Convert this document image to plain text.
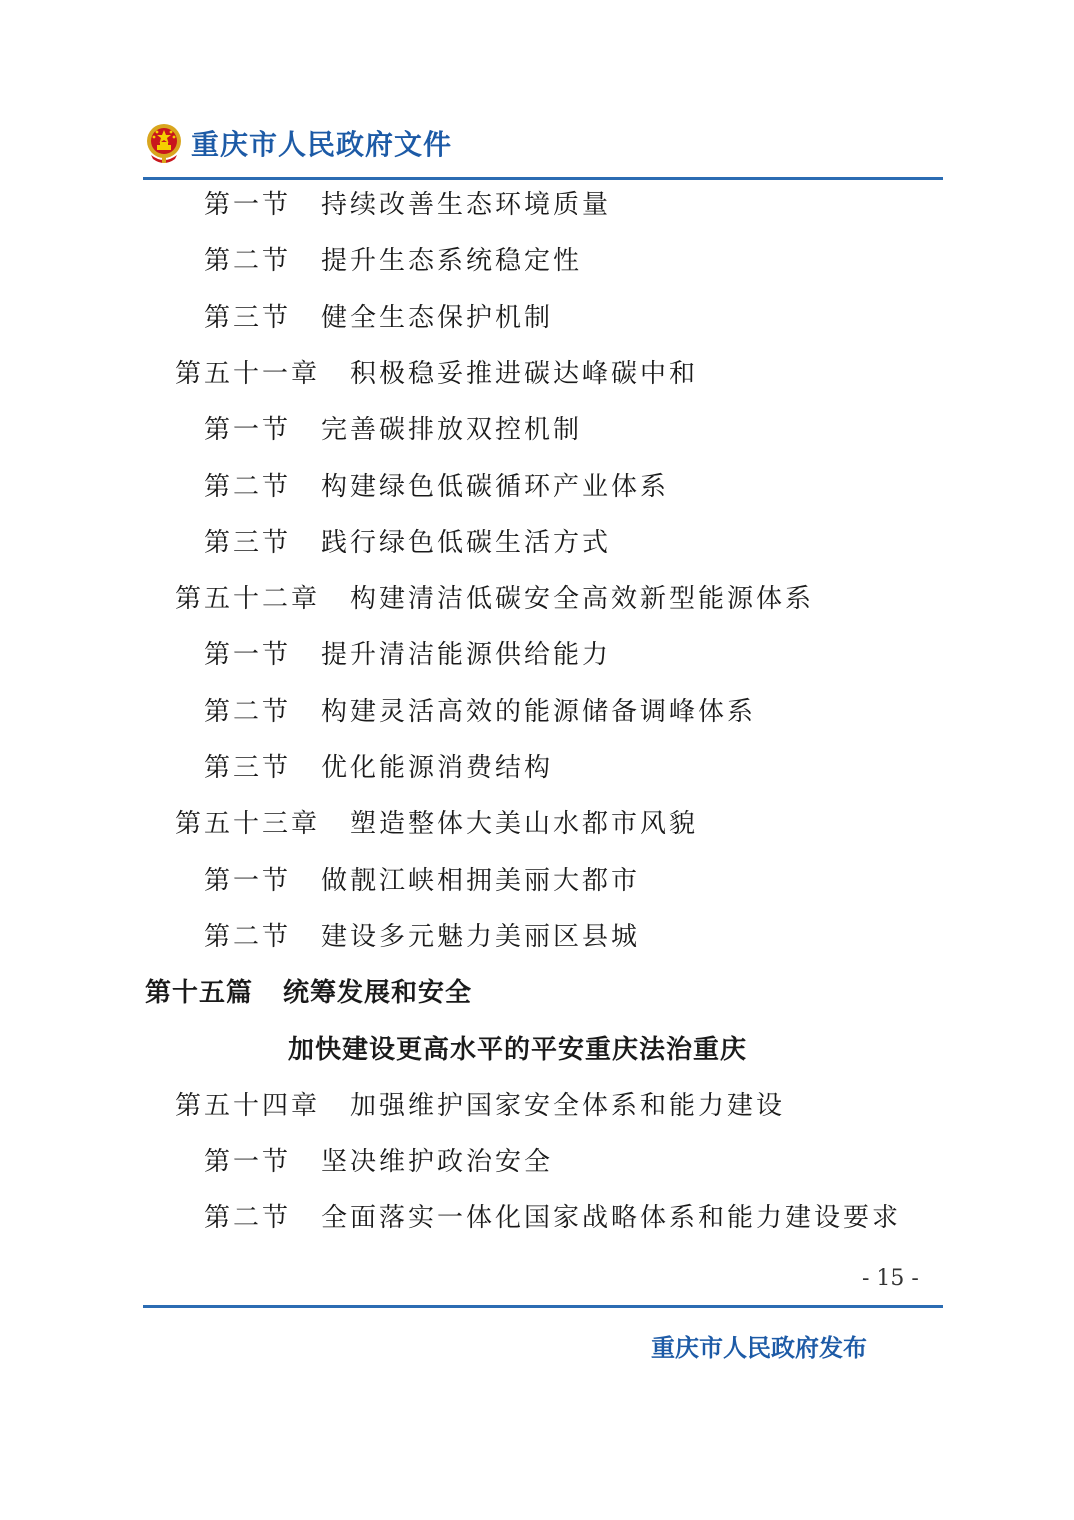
重庆市人民政府文件
第一节 持续改善生态环境质量
第二节 提升生态系统稳定性
第三节 健全生态保护机制
第五十一章 积极稳妥推进碳达峰碳中和
第一节 完善碳排放双控机制
第二节 构建绿色低碳循环产业体系
第三节 践行绿色低碳生活方式
第五十二章 构建清洁低碳安全高效新型能源体系
第一节 提升清洁能源供给能力
第二节 构建灵活高效的能源储备调峰体系
第三节 优化能源消费结构
第五十三章 塑造整体大美山水都市风貌
第一节 做靓江峡相拥美丽大都市
第二节 建设多元魅力美丽区县城
第十五篇 统筹发展和安全
加快建设更高水平的平安重庆法治重庆
第五十四章 加强维护国家安全体系和能力建设
第一节 坚决维护政治安全
第二节 全面落实一体化国家战略体系和能力建设要求
- 15 -
重庆市人民政府发布
